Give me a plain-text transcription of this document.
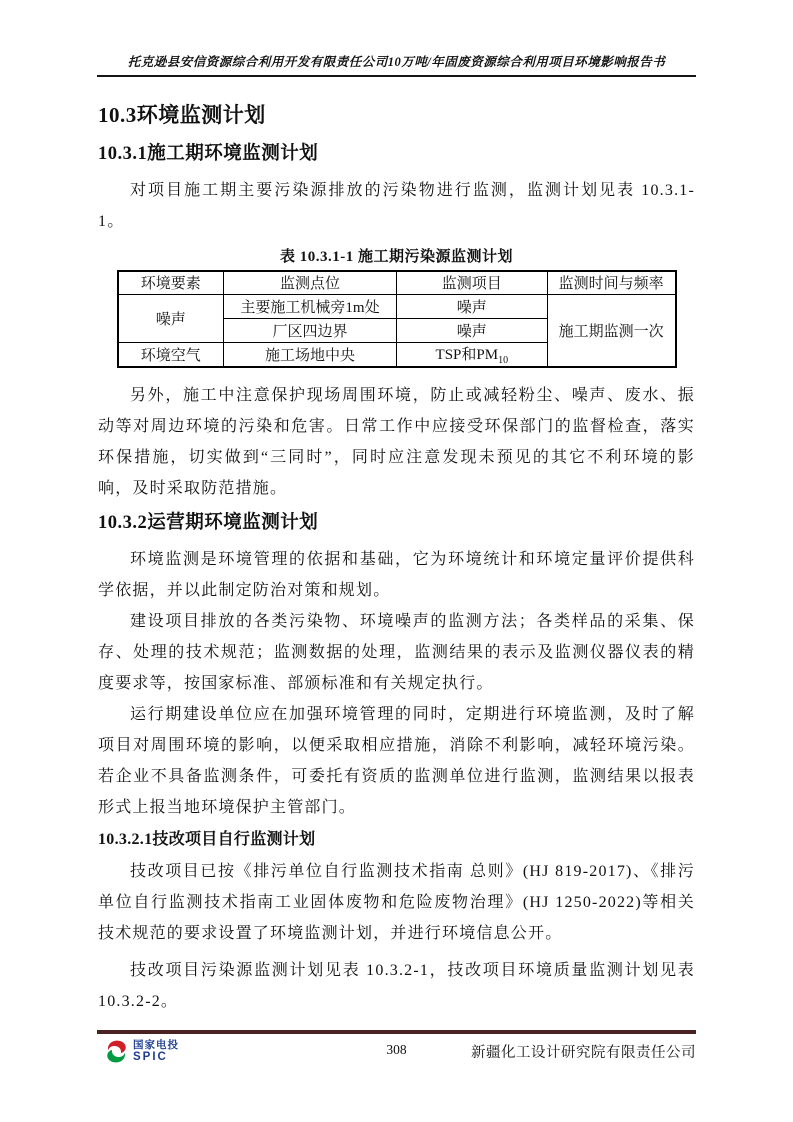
托克逊县安信资源综合利用开发有限责任公司10万吨/年固废资源综合利用项目环境影响报告书
10.3环境监测计划
10.3.1施工期环境监测计划

对项目施工期主要污染源排放的污染物进行监测，监测计划见表 10.3.1-1。

表 10.3.1-1 施工期污染源监测计划
环境要素	监测点位	监测项目	监测时间与频率
噪声	主要施工机械旁1m处	噪声	施工期监测一次
	厂区四边界	噪声	
环境空气	施工场地中央	TSP和$PM_{10}$

另外，施工中注意保护现场周围环境，防止或减轻粉尘、噪声、废水、振动等对周边环境的污染和危害。日常工作中应接受环保部门的监督检查，落实环保措施，切实做到“三同时”，同时应注意发现未预见的其它不利环境的影响，及时采取防范措施。

10.3.2运营期环境监测计划

环境监测是环境管理的依据和基础，它为环境统计和环境定量评价提供科学依据，并以此制定防治对策和规划。

建设项目排放的各类污染物、环境噪声的监测方法；各类样品的采集、保存、处理的技术规范；监测数据的处理，监测结果的表示及监测仪器仪表的精度要求等，按国家标准、部颁标准和有关规定执行。

运行期建设单位应在加强环境管理的同时，定期进行环境监测，及时了解项目对周围环境的影响，以便采取相应措施，消除不利影响，减轻环境污染。若企业不具备监测条件，可委托有资质的监测单位进行监测，监测结果以报表形式上报当地环境保护主管部门。

10.3.2.1技改项目自行监测计划

技改项目已按《排污单位自行监测技术指南 总则》(HJ 819-2017)、《排污单位自行监测技术指南工业固体废物和危险废物治理》(HJ 1250-2022)等相关技术规范的要求设置了环境监测计划，并进行环境信息公开。

技改项目污染源监测计划见表 10.3.2-1，技改项目环境质量监测计划见表 10.3.2-2。

国家电投
SPIC	308	新疆化工设计研究院有限责任公司
